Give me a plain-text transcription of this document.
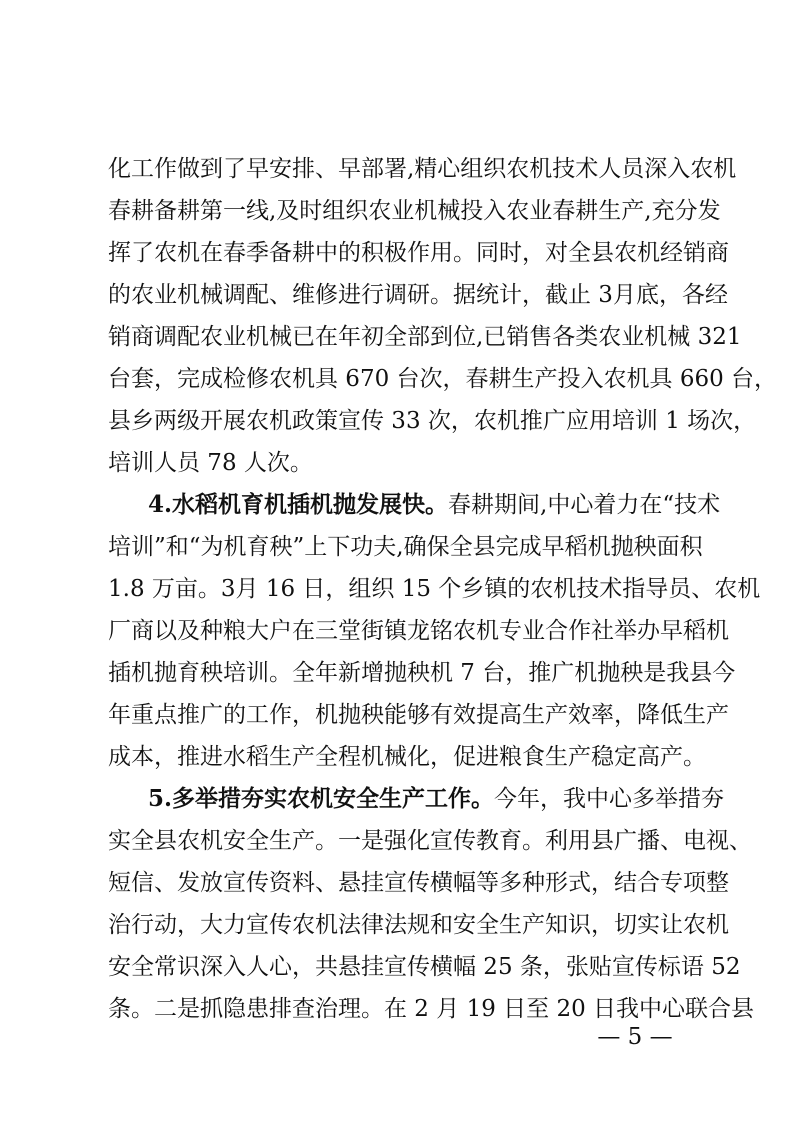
化工作做到了早安排、早部署,精心组织农机技术人员深入农机
春耕备耕第一线,及时组织农业机械投入农业春耕生产,充分发
挥了农机在春季备耕中的积极作用。同时，对全县农机经销商
的农业机械调配、维修进行调研。据统计，截止 3月底，各经
销商调配农业机械已在年初全部到位,已销售各类农业机械 321
台套，完成检修农机具 670 台次，春耕生产投入农机具 660 台，
县乡两级开展农机政策宣传 33 次，农机推广应用培训 1 场次，
培训人员 78 人次。
4.水稻机育机插机抛发展快。春耕期间,中心着力在“技术
培训”和“为机育秧”上下功夫,确保全县完成早稻机抛秧面积
1.8 万亩。3月 16 日，组织 15 个乡镇的农机技术指导员、农机
厂商以及种粮大户在三堂街镇龙铭农机专业合作社举办早稻机
插机抛育秧培训。全年新增抛秧机 7 台，推广机抛秧是我县今
年重点推广的工作，机抛秧能够有效提高生产效率，降低生产
成本，推进水稻生产全程机械化，促进粮食生产稳定高产。
5.多举措夯实农机安全生产工作。今年，我中心多举措夯
实全县农机安全生产。一是强化宣传教育。利用县广播、电视、
短信、发放宣传资料、悬挂宣传横幅等多种形式，结合专项整
治行动，大力宣传农机法律法规和安全生产知识，切实让农机
安全常识深入人心，共悬挂宣传横幅 25 条，张贴宣传标语 52
条。二是抓隐患排查治理。在 2 月 19 日至 20 日我中心联合县
— 5 —
